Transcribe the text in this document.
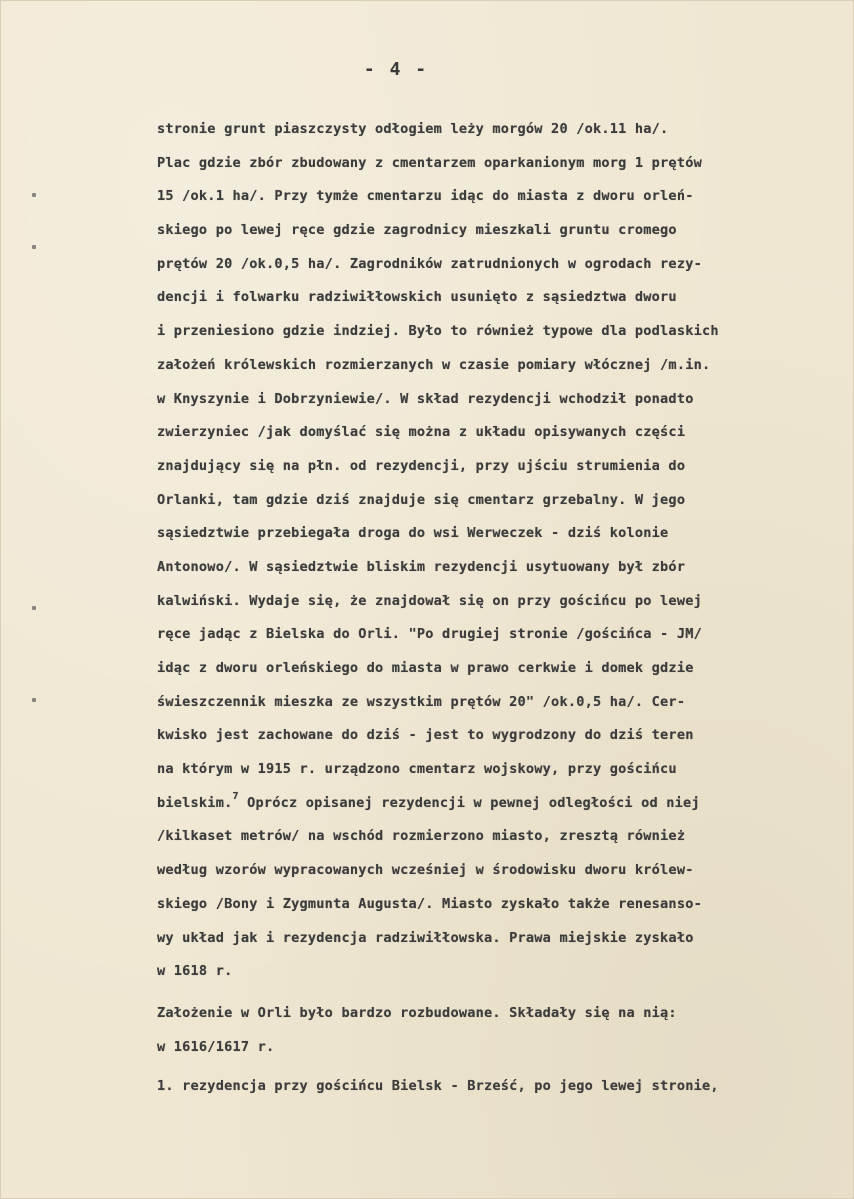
- 4 -
stronie grunt piaszczysty odłogiem leży morgów 20 /ok.11 ha/.
Plac gdzie zbór zbudowany z cmentarzem oparkanionym morg 1 prętów
15 /ok.1 ha/. Przy tymże cmentarzu idąc do miasta z dworu orleń-
skiego po lewej ręce gdzie zagrodnicy mieszkali gruntu cromego
prętów 20 /ok.0,5 ha/. Zagrodników zatrudnionych w ogrodach rezy-
dencji i folwarku radziwiłłowskich usunięto z sąsiedztwa dworu
i przeniesiono gdzie indziej. Było to również typowe dla podlaskich
założeń królewskich rozmierzanych w czasie pomiary włócznej /m.in.
w Knyszynie i Dobrzyniewie/. W skład rezydencji wchodził ponadto
zwierzyniec /jak domyślać się można z układu opisywanych części
znajdujący się na płn. od rezydencji, przy ujściu strumienia do
Orlanki, tam gdzie dziś znajduje się cmentarz grzebalny. W jego
sąsiedztwie przebiegała droga do wsi Werweczek - dziś kolonie
Antonowo/. W sąsiedztwie bliskim rezydencji usytuowany był zbór
kalwiński. Wydaje się, że znajdował się on przy gościńcu po lewej
ręce jadąc z Bielska do Orli. "Po drugiej stronie /gościńca - JM/
idąc z dworu orleńskiego do miasta w prawo cerkwie i domek gdzie
świeszczennik mieszka ze wszystkim prętów 20" /ok.0,5 ha/. Cer-
kwisko jest zachowane do dziś - jest to wygrodzony do dziś teren
na którym w 1915 r. urządzono cmentarz wojskowy, przy gościńcu
bielskim.$^7$ Oprócz opisanej rezydencji w pewnej odległości od niej
/kilkaset metrów/ na wschód rozmierzono miasto, zresztą również
według wzorów wypracowanych wcześniej w środowisku dworu królew-
skiego /Bony i Zygmunta Augusta/. Miasto zyskało także renesanso-
wy układ jak i rezydencja radziwiłłowska. Prawa miejskie zyskało
w 1618 r.
Założenie w Orli było bardzo rozbudowane. Składały się na nią:
w 1616/1617 r.
1. rezydencja przy gościńcu Bielsk - Brześć, po jego lewej stronie,
